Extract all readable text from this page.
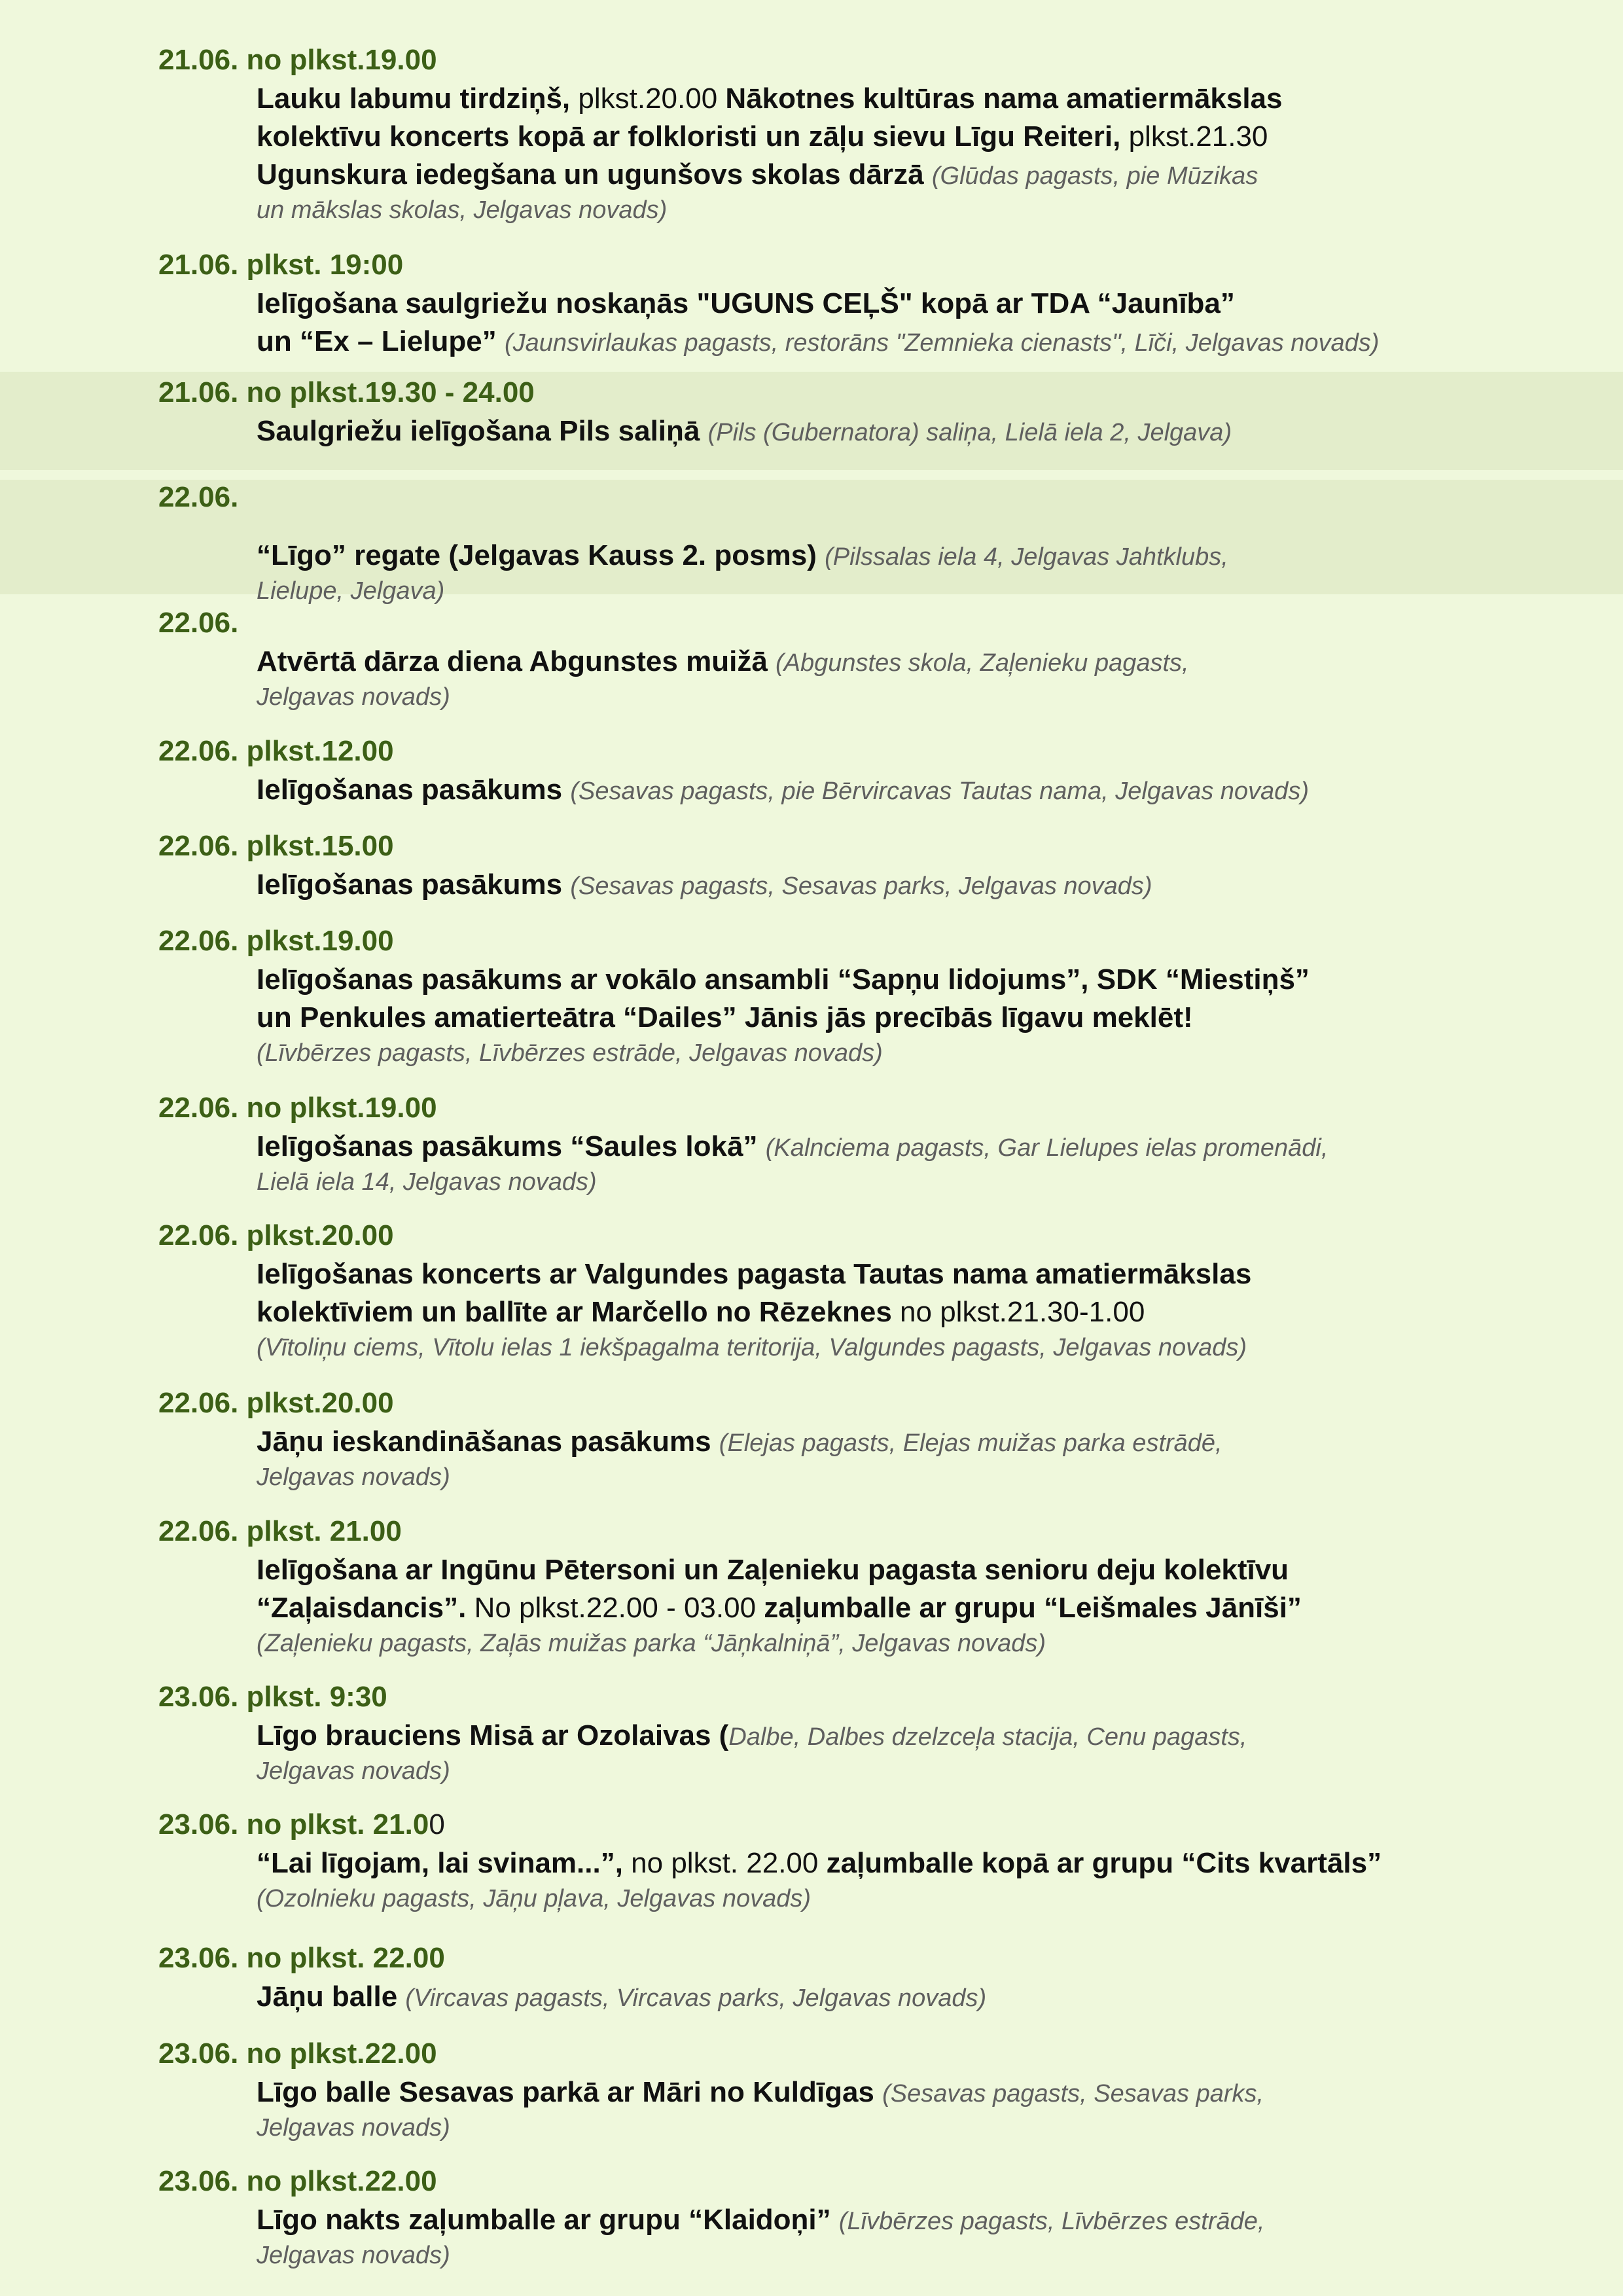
21.06. no plkst.19.00
Lauku labumu tirdziņš, plkst.20.00 Nākotnes kultūras nama amatiermākslas
kolektīvu koncerts kopā ar folkloristi un zāļu sievu Līgu Reiteri, plkst.21.30
Ugunskura iedegšana un ugunšovs skolas dārzā (Glūdas pagasts, pie Mūzikas
un mākslas skolas, Jelgavas novads)
21.06. plkst. 19:00
Ielīgošana saulgriežu noskaņās "UGUNS CEĻŠ" kopā ar TDA “Jaunība”
un “Ex – Lielupe” (Jaunsvirlaukas pagasts, restorāns "Zemnieka cienasts", Līči, Jelgavas novads)
21.06. no plkst.19.30 - 24.00
Saulgriežu ielīgošana Pils saliņā (Pils (Gubernatora) saliņa, Lielā iela 2, Jelgava)
22.06.
“Līgo” regate (Jelgavas Kauss 2. posms) (Pilssalas iela 4, Jelgavas Jahtklubs,
Lielupe, Jelgava)
22.06.
Atvērtā dārza diena Abgunstes muižā (Abgunstes skola, Zaļenieku pagasts,
Jelgavas novads)
22.06. plkst.12.00
Ielīgošanas pasākums (Sesavas pagasts, pie Bērvircavas Tautas nama, Jelgavas novads)
22.06. plkst.15.00
Ielīgošanas pasākums (Sesavas pagasts, Sesavas parks, Jelgavas novads)
22.06. plkst.19.00
Ielīgošanas pasākums ar vokālo ansambli “Sapņu lidojums”, SDK “Miestiņš”
un Penkules amatierteātra “Dailes” Jānis jās precībās līgavu meklēt!
(Līvbērzes pagasts, Līvbērzes estrāde, Jelgavas novads)
22.06. no plkst.19.00
Ielīgošanas pasākums “Saules lokā” (Kalnciema pagasts, Gar Lielupes ielas promenādi,
Lielā iela 14, Jelgavas novads)
22.06. plkst.20.00
Ielīgošanas koncerts ar Valgundes pagasta Tautas nama amatiermākslas
kolektīviem un ballīte ar Marčello no Rēzeknes no plkst.21.30-1.00
(Vītoliņu ciems, Vītolu ielas 1 iekšpagalma teritorija, Valgundes pagasts, Jelgavas novads)
22.06. plkst.20.00
Jāņu ieskandināšanas pasākums (Elejas pagasts, Elejas muižas parka estrādē,
Jelgavas novads)
22.06. plkst. 21.00
Ielīgošana ar Ingūnu Pētersoni un Zaļenieku pagasta senioru deju kolektīvu
“Zaļaisdancis”. No plkst.22.00 - 03.00 zaļumballe ar grupu “Leišmales Jānīši”
(Zaļenieku pagasts, Zaļās muižas parka “Jāņkalniņā”, Jelgavas novads)
23.06. plkst. 9:30
Līgo brauciens Misā ar Ozolaivas (Dalbe, Dalbes dzelzceļa stacija, Cenu pagasts,
Jelgavas novads)
23.06. no plkst. 21.00
“Lai līgojam, lai svinam...”, no plkst. 22.00 zaļumballe kopā ar grupu “Cits kvartāls”
(Ozolnieku pagasts, Jāņu pļava, Jelgavas novads)
23.06. no plkst. 22.00
Jāņu balle (Vircavas pagasts, Vircavas parks, Jelgavas novads)
23.06. no plkst.22.00
Līgo balle Sesavas parkā ar Māri no Kuldīgas (Sesavas pagasts, Sesavas parks,
Jelgavas novads)
23.06. no plkst.22.00
Līgo nakts zaļumballe ar grupu “Klaidoņi” (Līvbērzes pagasts, Līvbērzes estrāde,
Jelgavas novads)
